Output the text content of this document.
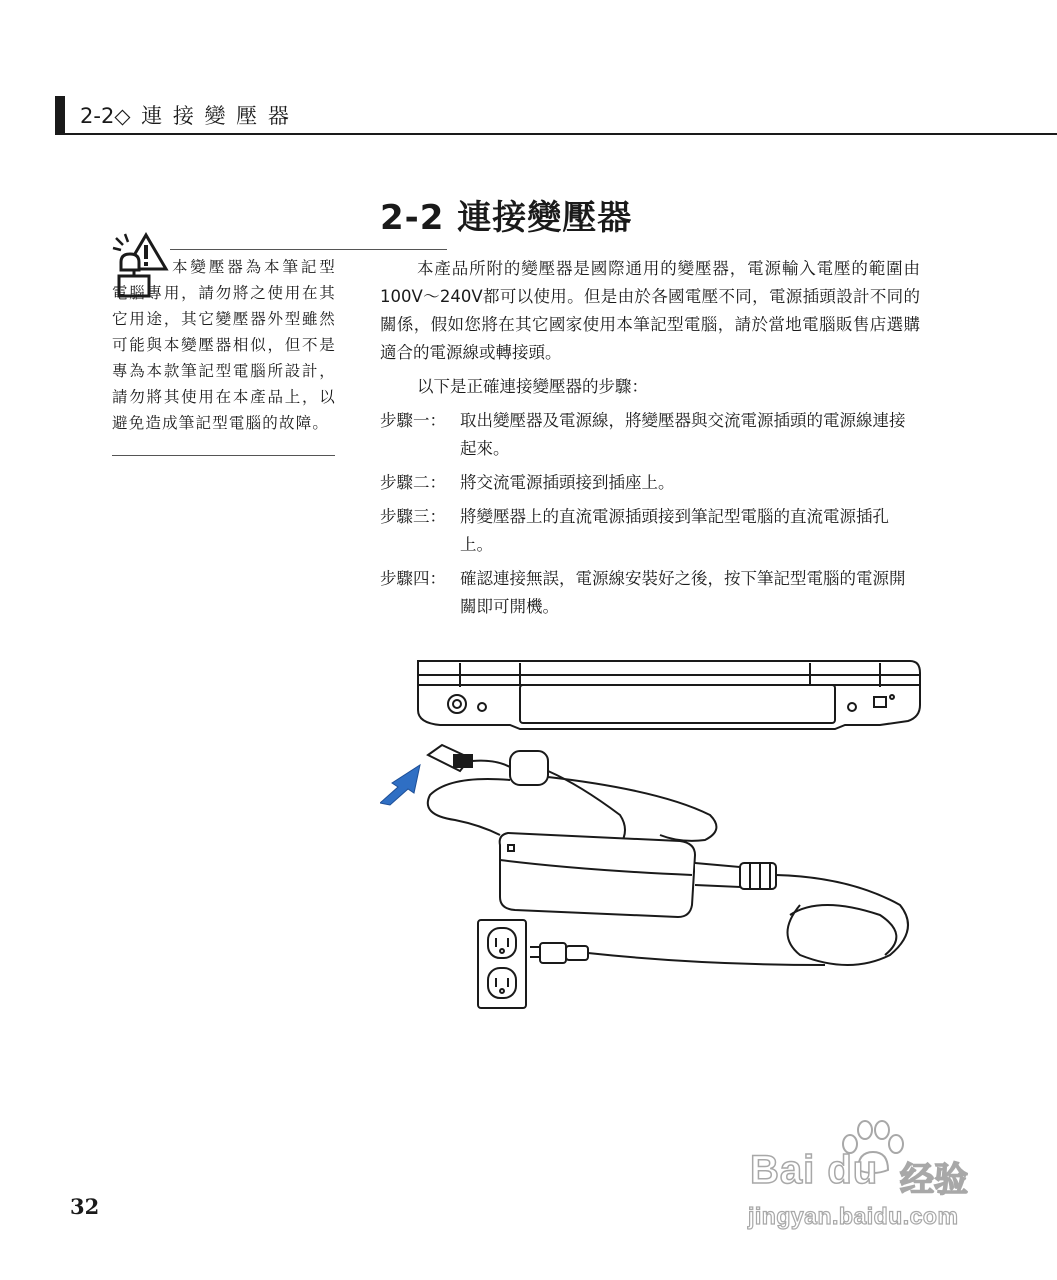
2-2◇ 連 接 變 壓 器
2-2 連接變壓器
本變壓器為本筆記型電腦專用，請勿將之使用在其它用途，其它變壓器外型雖然可能與本變壓器相似，但不是專為本款筆記型電腦所設計，請勿將其使用在本產品上，以避免造成筆記型電腦的故障。

本產品所附的變壓器是國際通用的變壓器，電源輸入電壓的範圍由100V～240V都可以使用。但是由於各國電壓不同，電源插頭設計不同的關係，假如您將在其它國家使用本筆記型電腦，請於當地電腦販售店選購適合的電源線或轉接頭。

以下是正確連接變壓器的步驟：

步驟一： 取出變壓器及電源線，將變壓器與交流電源插頭的電源線連接起來。
步驟二： 將交流電源插頭接到插座上。
步驟三： 將變壓器上的直流電源插頭接到筆記型電腦的直流電源插孔上。
步驟四： 確認連接無誤，電源線安裝好之後，按下筆記型電腦的電源開關即可開機。
32
Bai du 经验
jingyan.baidu.com
